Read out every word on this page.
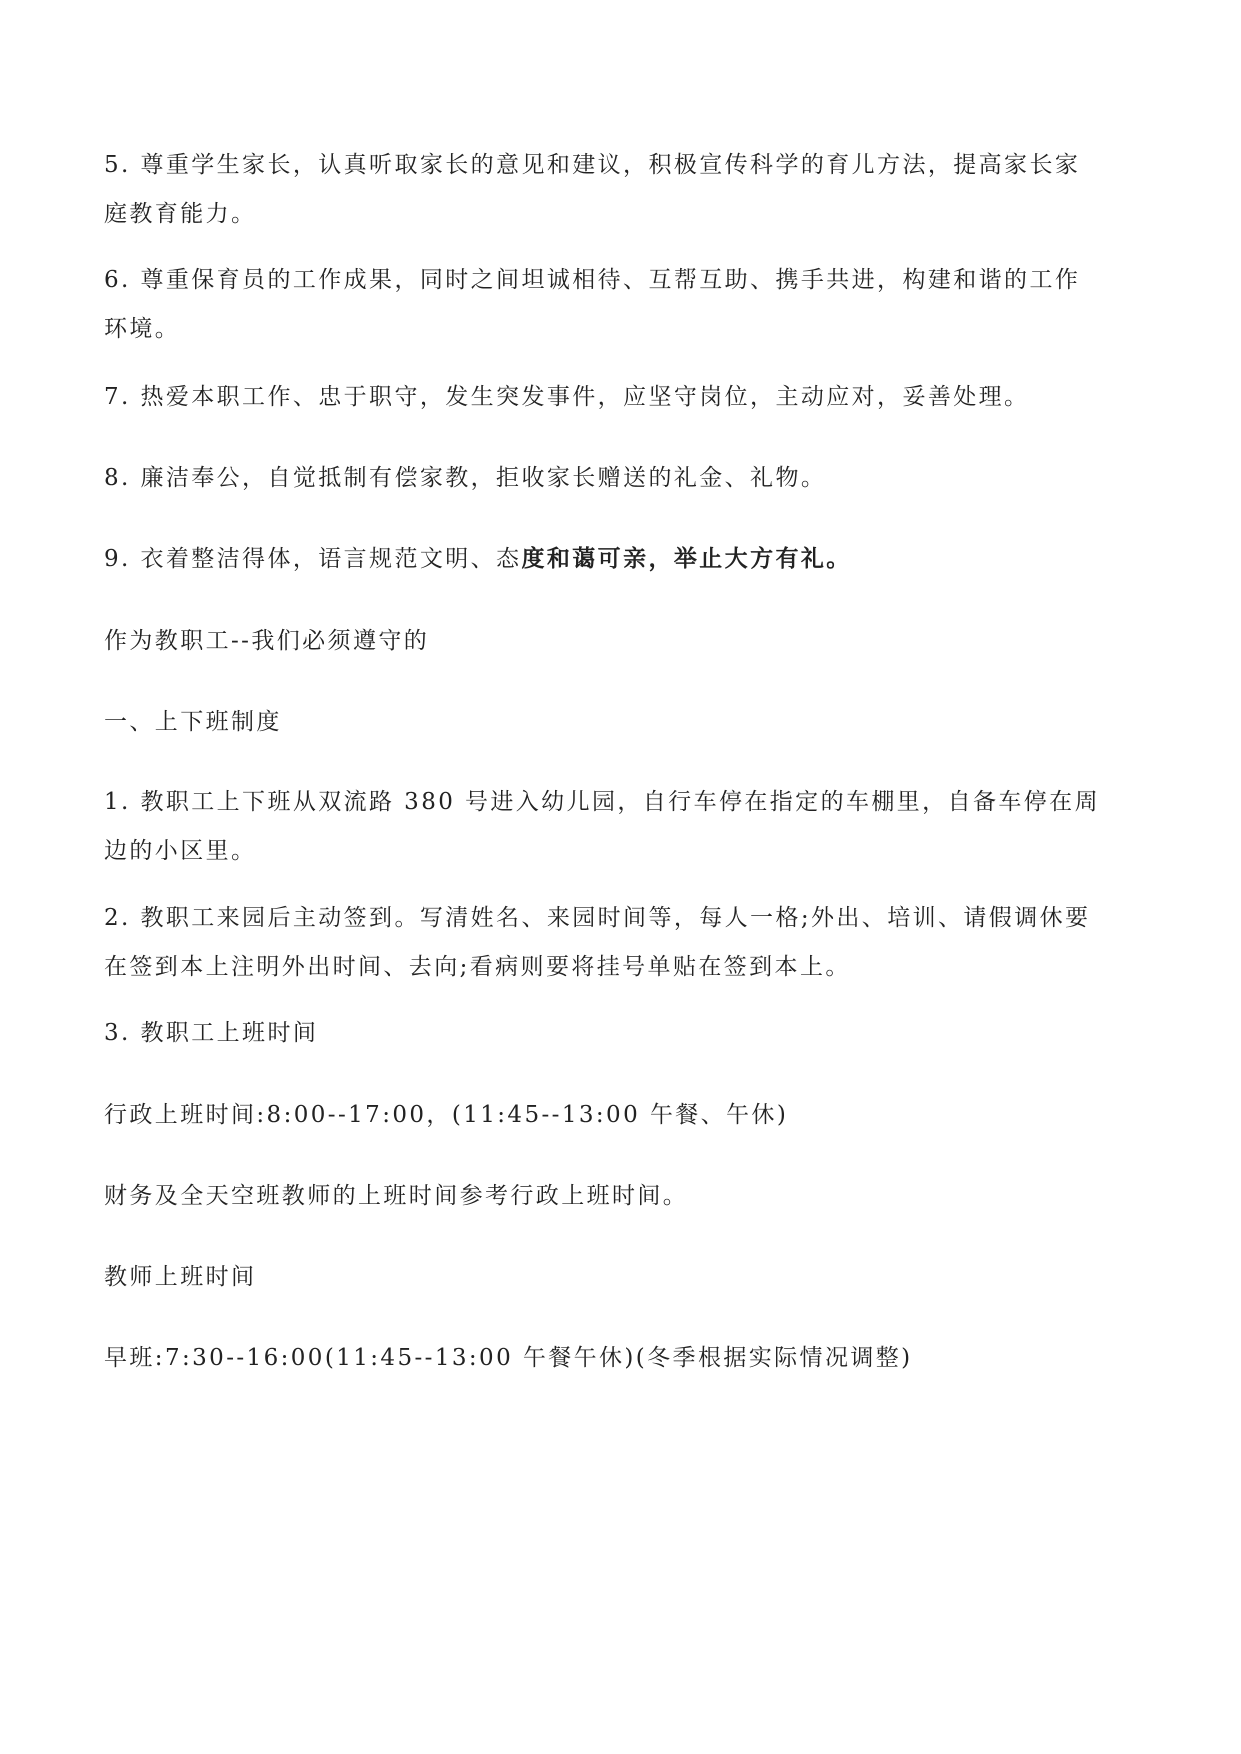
5. 尊重学生家长，认真听取家长的意见和建议，积极宣传科学的育儿方法，提高家长家
庭教育能力。

6. 尊重保育员的工作成果，同时之间坦诚相待、互帮互助、携手共进，构建和谐的工作
环境。

7. 热爱本职工作、忠于职守，发生突发事件，应坚守岗位，主动应对，妥善处理。

8. 廉洁奉公，自觉抵制有偿家教，拒收家长赠送的礼金、礼物。

9. 衣着整洁得体，语言规范文明、态度和蔼可亲，举止大方有礼。

作为教职工--我们必须遵守的

一、上下班制度

1. 教职工上下班从双流路 380 号进入幼儿园，自行车停在指定的车棚里，自备车停在周
边的小区里。

2. 教职工来园后主动签到。写清姓名、来园时间等，每人一格;外出、培训、请假调休要
在签到本上注明外出时间、去向;看病则要将挂号单贴在签到本上。

3. 教职工上班时间

行政上班时间:8:00--17:00，(11:45--13:00 午餐、午休)

财务及全天空班教师的上班时间参考行政上班时间。

教师上班时间

早班:7:30--16:00(11:45--13:00 午餐午休)(冬季根据实际情况调整)
